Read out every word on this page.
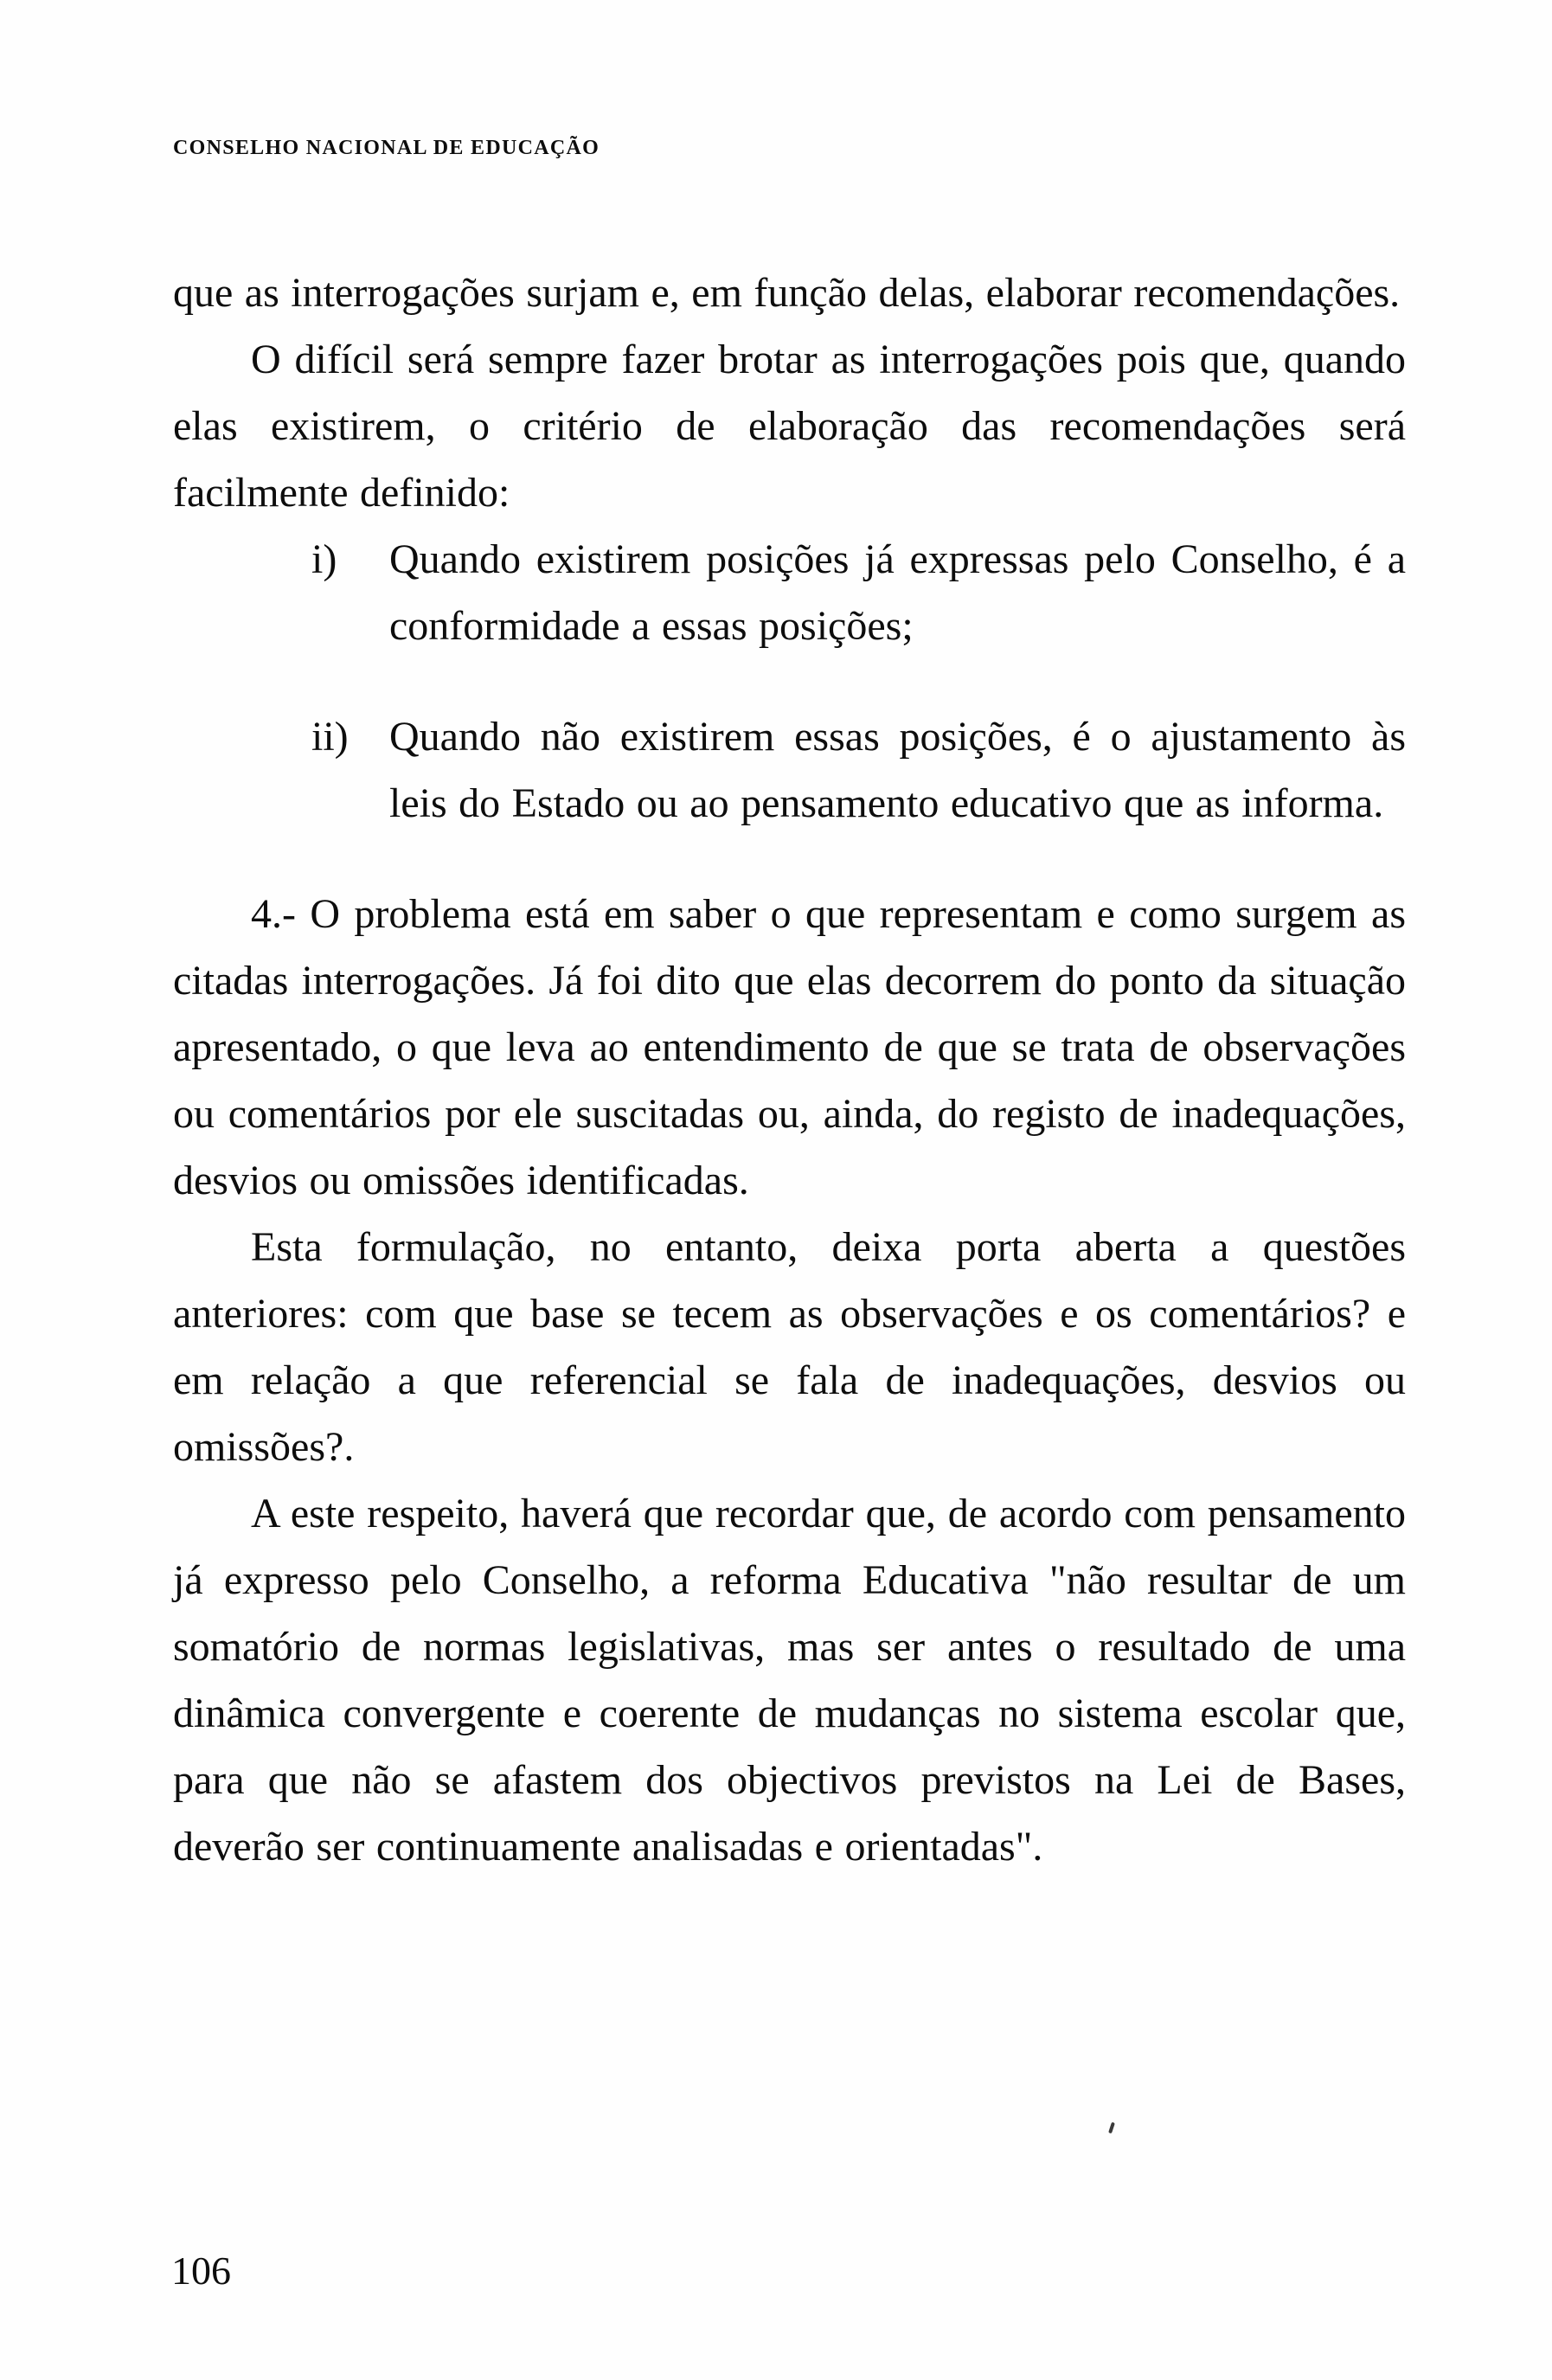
CONSELHO NACIONAL DE EDUCAÇÃO

que as interrogações surjam e, em função delas, elaborar recomendações.

O difícil será sempre fazer brotar as interrogações pois que, quando elas existirem, o critério de elaboração das recomendações será facilmente definido:

i) Quando existirem posições já expressas pelo Conselho, é a conformidade a essas posições;
ii) Quando não existirem essas posições, é o ajustamento às leis do Estado ou ao pensamento educativo que as informa.

4.- O problema está em saber o que representam e como surgem as citadas interrogações. Já foi dito que elas decorrem do ponto da situação apresentado, o que leva ao entendimento de que se trata de observações ou comentários por ele suscitadas ou, ainda, do registo de inadequações, desvios ou omissões identificadas.

Esta formulação, no entanto, deixa porta aberta a questões anteriores: com que base se tecem as observações e os comentários? e em relação a que referencial se fala de inadequações, desvios ou omissões?.

A este respeito, haverá que recordar que, de acordo com pensamento já expresso pelo Conselho, a reforma Educativa "não resultar de um somatório de normas legislativas, mas ser antes o resultado de uma dinâmica convergente e coerente de mudanças no sistema escolar que, para que não se afastem dos objectivos previstos na Lei de Bases, deverão ser continuamente analisadas e orientadas".

106
